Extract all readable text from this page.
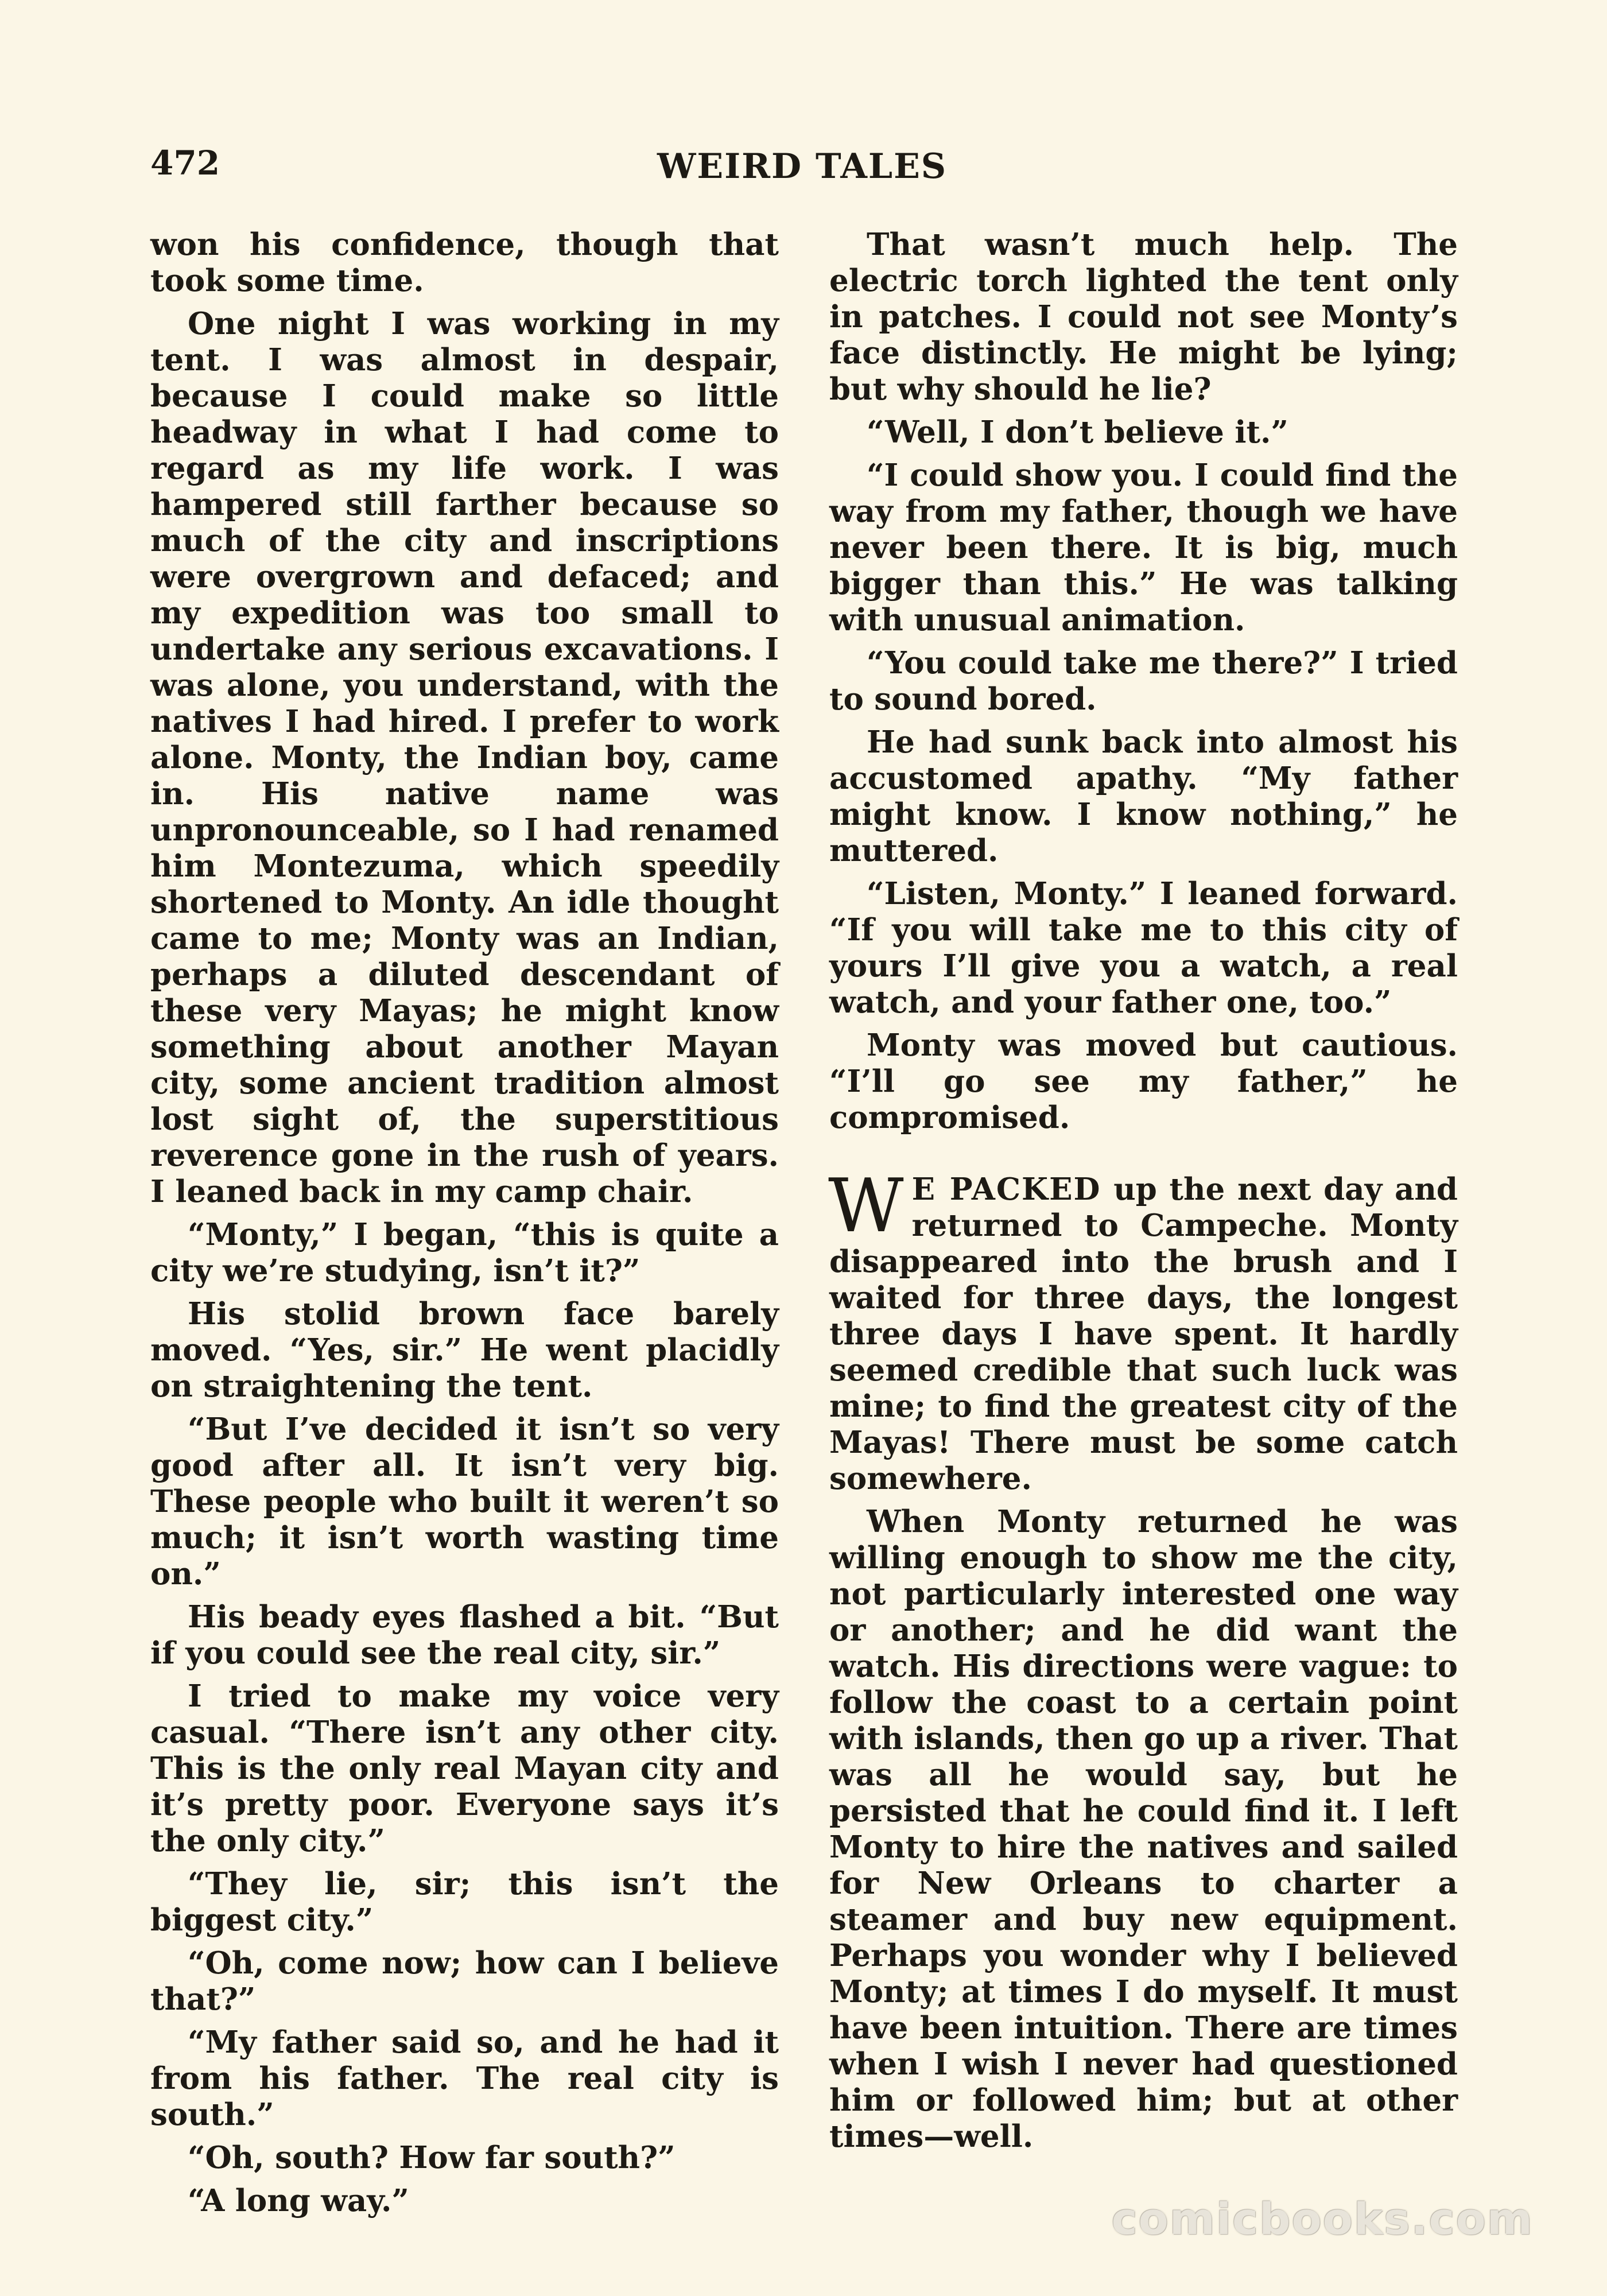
472	WEIRD TALES

won his confidence, though that took some time.

One night I was working in my tent. I was almost in despair, because I could make so little headway in what I had come to regard as my life work. I was hampered still farther because so much of the city and inscriptions were overgrown and defaced; and my expedition was too small to undertake any serious excavations. I was alone, you understand, with the natives I had hired. I prefer to work alone. Monty, the Indian boy, came in. His native name was unpronounceable, so I had renamed him Montezuma, which speedily shortened to Monty. An idle thought came to me; Monty was an Indian, perhaps a diluted descendant of these very Mayas; he might know something about another Mayan city, some ancient tradition almost lost sight of, the superstitious reverence gone in the rush of years. I leaned back in my camp chair.

“Monty,” I began, “this is quite a city we’re studying, isn’t it?”

His stolid brown face barely moved. “Yes, sir.” He went placidly on straightening the tent.

“But I’ve decided it isn’t so very good after all. It isn’t very big. These people who built it weren’t so much; it isn’t worth wasting time on.”

His beady eyes flashed a bit. “But if you could see the real city, sir.”

I tried to make my voice very casual. “There isn’t any other city. This is the only real Mayan city and it’s pretty poor. Everyone says it’s the only city.”

“They lie, sir; this isn’t the biggest city.”

“Oh, come now; how can I believe that?”

“My father said so, and he had it from his father. The real city is south.”

“Oh, south? How far south?”

“A long way.”

That wasn’t much help. The electric torch lighted the tent only in patches. I could not see Monty’s face distinctly. He might be lying; but why should he lie?

“Well, I don’t believe it.”

“I could show you. I could find the way from my father, though we have never been there. It is big, much bigger than this.” He was talking with unusual animation.

“You could take me there?” I tried to sound bored.

He had sunk back into almost his accustomed apathy. “My father might know. I know nothing,” he muttered.

“Listen, Monty.” I leaned forward. “If you will take me to this city of yours I’ll give you a watch, a real watch, and your father one, too.”

Monty was moved but cautious. “I’ll go see my father,” he compromised.

W E PACKED up the next day and returned to Campeche. Monty disappeared into the brush and I waited for three days, the longest three days I have spent. It hardly seemed credible that such luck was mine; to find the greatest city of the Mayas! There must be some catch somewhere.

When Monty returned he was willing enough to show me the city, not particularly interested one way or another; and he did want the watch. His directions were vague: to follow the coast to a certain point with islands, then go up a river. That was all he would say, but he persisted that he could find it. I left Monty to hire the natives and sailed for New Orleans to charter a steamer and buy new equipment. Perhaps you wonder why I believed Monty; at times I do myself. It must have been intuition. There are times when I wish I never had questioned him or followed him; but at other times—well.

comicbooks.com
